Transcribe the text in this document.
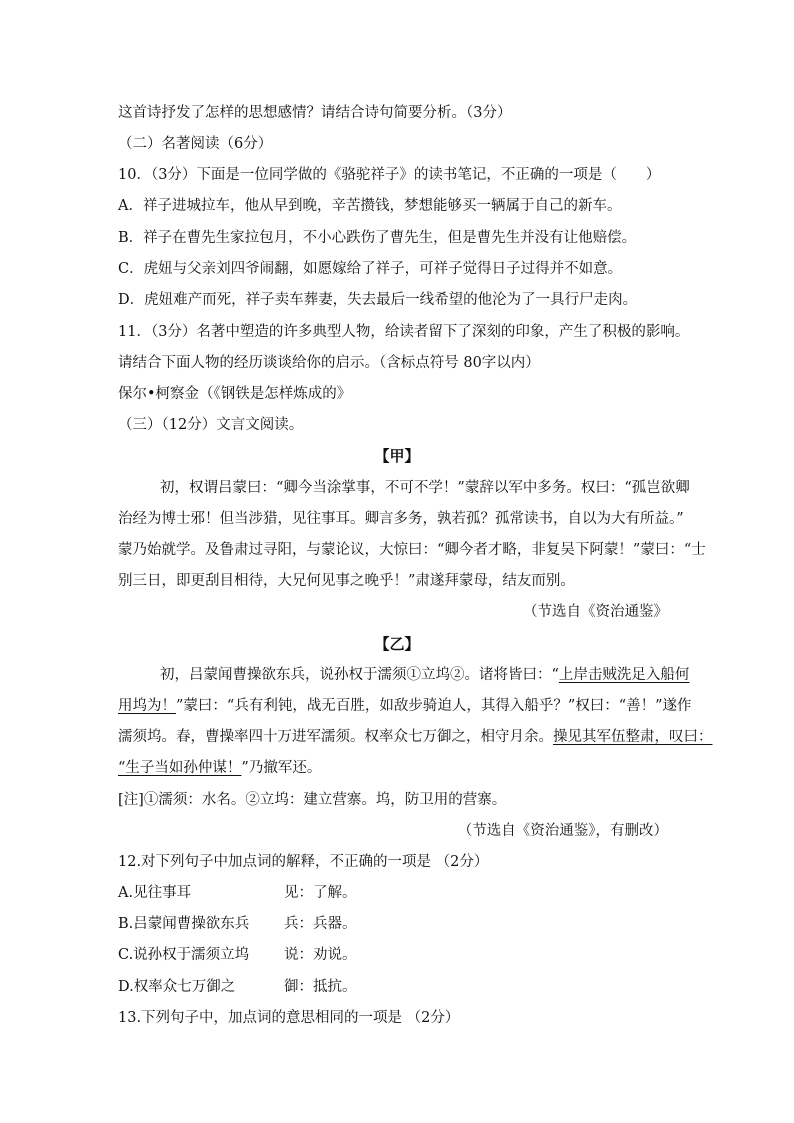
这首诗抒发了怎样的思想感情？请结合诗句简要分析。（3分）
（二）名著阅读（6分）
10．（3分）下面是一位同学做的《骆驼祥子》的读书笔记，不正确的一项是（　　）
A．祥子进城拉车，他从早到晚，辛苦攒钱，梦想能够买一辆属于自己的新车。
B．祥子在曹先生家拉包月，不小心跌伤了曹先生，但是曹先生并没有让他赔偿。
C．虎妞与父亲刘四爷闹翻，如愿嫁给了祥子，可祥子觉得日子过得并不如意。
D．虎妞难产而死，祥子卖车葬妻，失去最后一线希望的他沦为了一具行尸走肉。
11．（3分）名著中塑造的许多典型人物，给读者留下了深刻的印象，产生了积极的影响。
请结合下面人物的经历谈谈给你的启示。（含标点符号 80字以内）
保尔•柯察金（《钢铁是怎样炼成的》
（三）（12分）文言文阅读。
【甲】
初，权谓吕蒙曰：“卿今当涂掌事，不可不学！”蒙辞以军中多务。权曰：“孤岂欲卿
治经为博士邪！但当涉猎，见往事耳。卿言多务，孰若孤？孤常读书，自以为大有所益。”
蒙乃始就学。及鲁肃过寻阳，与蒙论议，大惊曰：“卿今者才略，非复吴下阿蒙！”蒙曰：“士
别三日，即更刮目相待，大兄何见事之晚乎！”肃遂拜蒙母，结友而别。
（节选自《资治通鉴》
【乙】
初，吕蒙闻曹操欲东兵，说孙权于濡须①立坞②。诸将皆曰：“上岸击贼洗足入船何
用坞为！”蒙曰：“兵有利钝，战无百胜，如敌步骑迫人，其得入船乎？”权曰：“善！”遂作
濡须坞。春，曹操率四十万进军濡须。权率众七万御之，相守月余。操见其军伍整肃，叹曰：
“生子当如孙仲谋！”乃撤军还。
[注]①濡须：水名。②立坞：建立营寨。坞，防卫用的营寨。
（节选自《资治通鉴》，有删改）
12.对下列句子中加点词的解释，不正确的一项是 （2分）
A.见往事耳	见：了解。
B.吕蒙闻曹操欲东兵 兵：兵器。
C.说孙权于濡须立坞 说：劝说。
D.权率众七万御之	御：抵抗。
13.下列句子中，加点词的意思相同的一项是 （2分）
